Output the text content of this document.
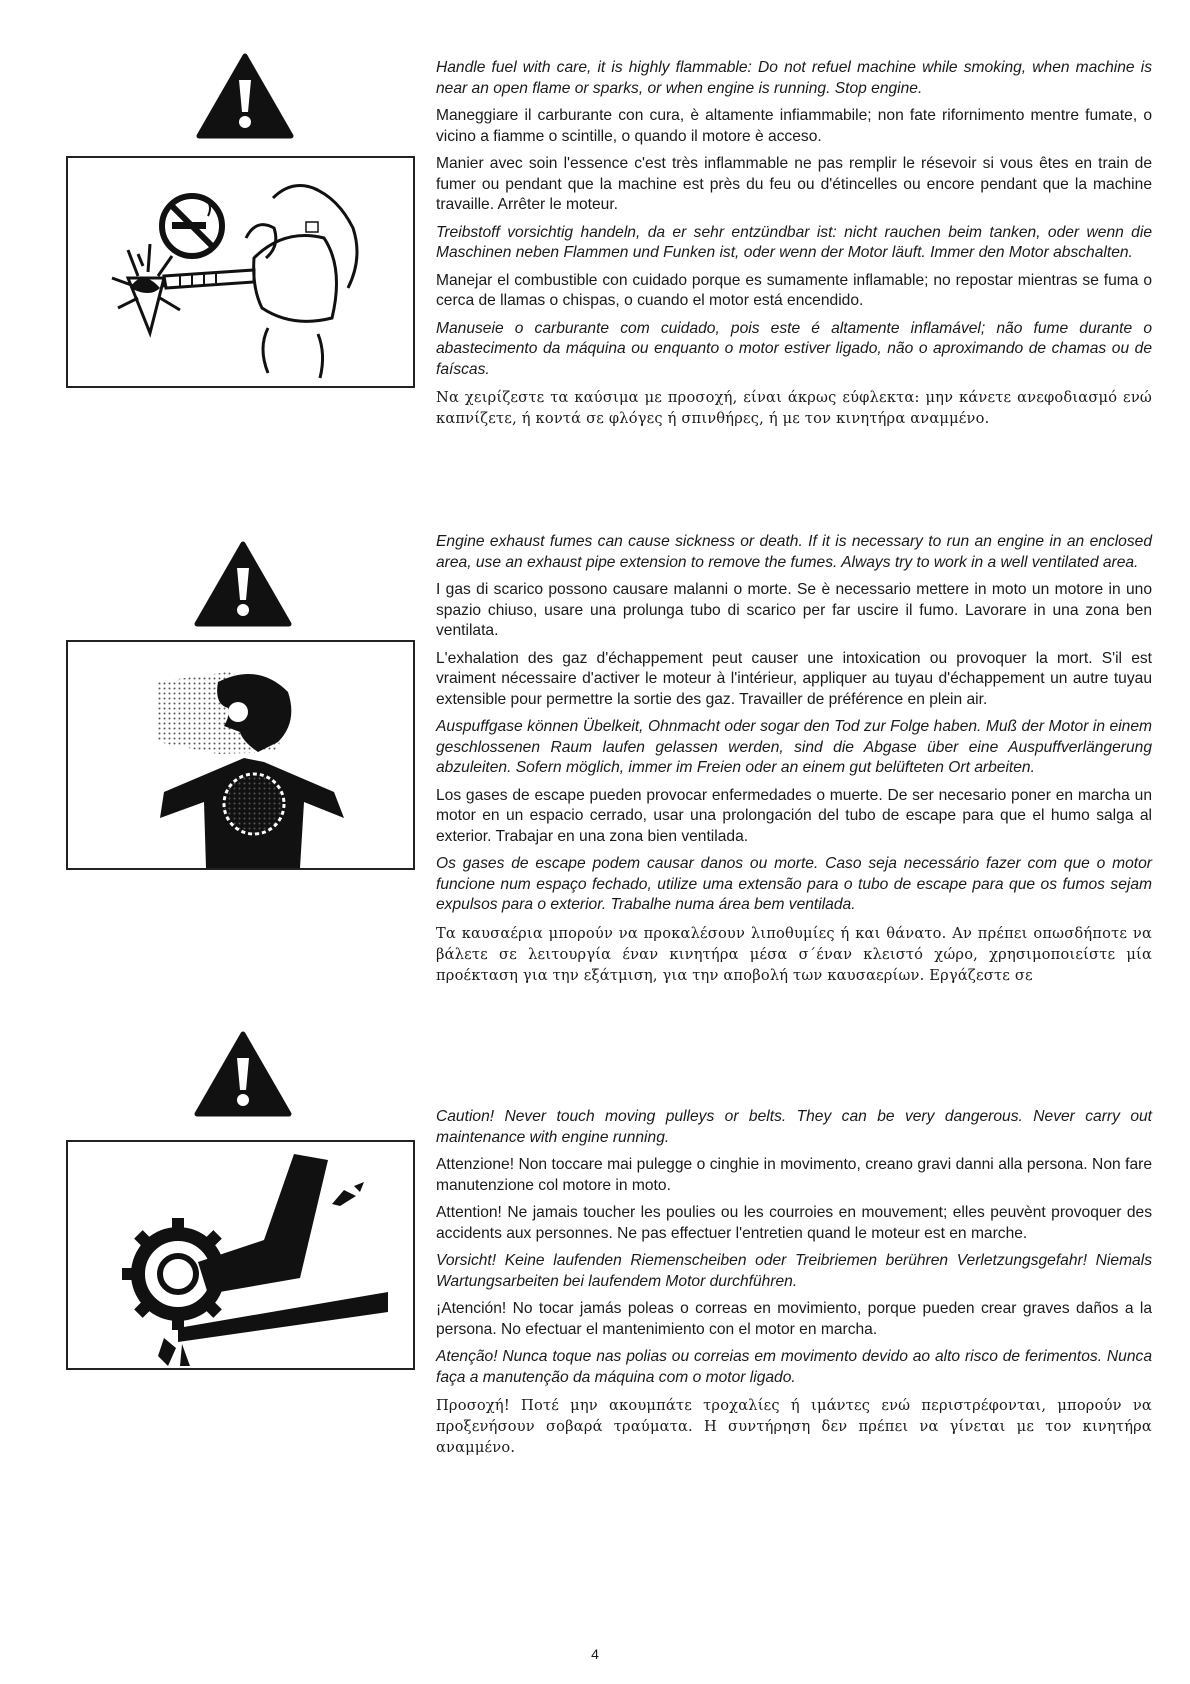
Handle fuel with care, it is highly flammable: Do not refuel machine while smoking, when machine is near an open flame or sparks, or when engine is running. Stop engine.

Maneggiare il carburante con cura, è altamente infiammabile; non fate rifornimento mentre fumate, o vicino a fiamme o scintille, o quando il motore è acceso.

Manier avec soin l'essence c'est très inflammable ne pas remplir le résevoir si vous êtes en train de fumer ou pendant que la machine est près du feu ou d'étincelles ou encore pendant que la machine travaille. Arrêter le moteur.

Treibstoff vorsichtig handeln, da er sehr entzündbar ist: nicht rauchen beim tanken, oder wenn die Maschinen neben Flammen und Funken ist, oder wenn der Motor läuft. Immer den Motor abschalten.

Manejar el combustible con cuidado porque es sumamente inflamable; no repostar mientras se fuma o cerca de llamas o chispas, o cuando el motor está encendido.

Manuseie o carburante com cuidado, pois este é altamente inflamável; não fume durante o abastecimento da máquina ou enquanto o motor estiver ligado, não o aproximando de chamas ou de faíscas.

Να χειρίζεστε τα καύσιμα με προσοχή, είναι άκρως εύφλεκτα: μην κάνετε ανεφοδιασμό ενώ καπνίζετε, ή κοντά σε φλόγες ή σπινθήρες, ή με τον κινητήρα αναμμένο.

Engine exhaust fumes can cause sickness or death. If it is necessary to run an engine in an enclosed area, use an exhaust pipe extension to remove the fumes. Always try to work in a well ventilated area.

I gas di scarico possono causare malanni o morte. Se è necessario mettere in moto un motore in uno spazio chiuso, usare una prolunga tubo di scarico per far uscire il fumo. Lavorare in una zona ben ventilata.

L'exhalation des gaz d'échappement peut causer une intoxication ou provoquer la mort. S'il est vraiment nécessaire d'activer le moteur à l'intérieur, appliquer au tuyau d'échappement un autre tuyau extensible pour permettre la sortie des gaz. Travailler de préférence en plein air.

Auspuffgase können Übelkeit, Ohnmacht oder sogar den Tod zur Folge haben. Muß der Motor in einem geschlossenen Raum laufen gelassen werden, sind die Abgase über eine Auspuffverlängerung abzuleiten. Sofern möglich, immer im Freien oder an einem gut belüfteten Ort arbeiten.

Los gases de escape pueden provocar enfermedades o muerte. De ser necesario poner en marcha un motor en un espacio cerrado, usar una prolongación del tubo de escape para que el humo salga al exterior. Trabajar en una zona bien ventilada.

Os gases de escape podem causar danos ou morte. Caso seja necessário fazer com que o motor funcione num espaço fechado, utilize uma extensão para o tubo de escape para que os fumos sejam expulsos para o exterior. Trabalhe numa área bem ventilada.

Τα καυσαέρια μπορούν να προκαλέσουν λιποθυμίες ή και θάνατο. Αν πρέπει οπωσδήποτε να βάλετε σε λειτουργία έναν κινητήρα μέσα σ΄έναν κλειστό χώρο, χρησιμοποιείστε μία προέκταση για την εξάτμιση, για την αποβολή των καυσαερίων. Εργάζεστε σε

Caution! Never touch moving pulleys or belts. They can be very dangerous. Never carry out maintenance with engine running.

Attenzione! Non toccare mai pulegge o cinghie in movimento, creano gravi danni alla persona. Non fare manutenzione col motore in moto.

Attention! Ne jamais toucher les poulies ou les courroies en mouvement; elles peuvènt provoquer des accidents aux personnes. Ne pas effectuer l'entretien quand le moteur est en marche.

Vorsicht! Keine laufenden Riemenscheiben oder Treibriemen berühren Verletzungsgefahr! Niemals Wartungsarbeiten bei laufendem Motor durchführen.

¡Atención! No tocar jamás poleas o correas en movimiento, porque pueden crear graves daños a la persona. No efectuar el mantenimiento con el motor en marcha.

Atenção! Nunca toque nas polias ou correias em movimento devido ao alto risco de ferimentos. Nunca faça a manutenção da máquina com o motor ligado.

Προσοχή! Ποτέ μην ακουμπάτε τροχαλίες ή ιμάντες ενώ περιστρέφονται, μπορούν να προξενήσουν σοβαρά τραύματα. Η συντήρηση δεν πρέπει να γίνεται με τον κινητήρα αναμμένο.

4
